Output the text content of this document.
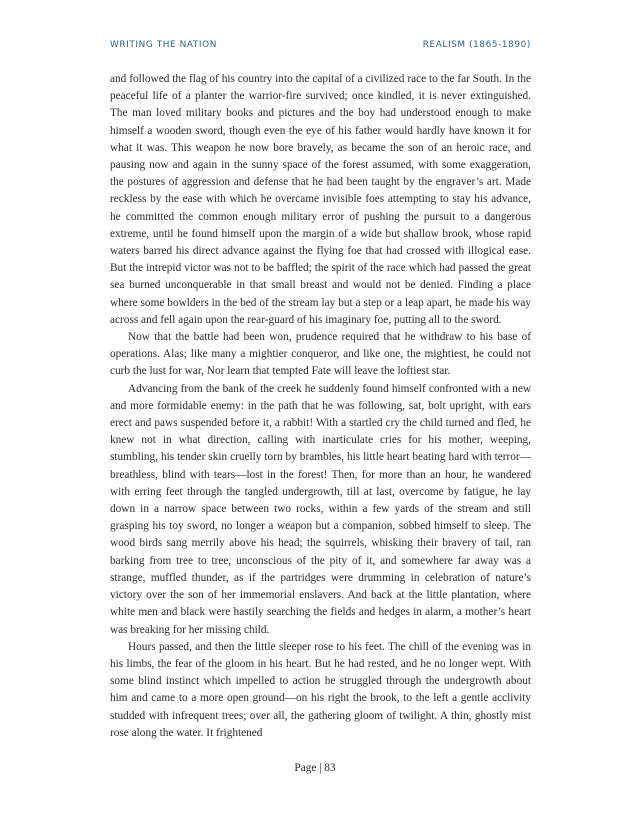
WRITING THE NATION	REALISM (1865-1890)

and followed the flag of his country into the capital of a civilized race to the far South. In the peaceful life of a planter the warrior-fire survived; once kindled, it is never extinguished. The man loved military books and pictures and the boy had understood enough to make himself a wooden sword, though even the eye of his father would hardly have known it for what it was. This weapon he now bore bravely, as became the son of an heroic race, and pausing now and again in the sunny space of the forest assumed, with some exaggeration, the postures of aggression and defense that he had been taught by the engraver’s art. Made reckless by the ease with which he overcame invisible foes attempting to stay his advance, he committed the common enough military error of pushing the pursuit to a dangerous extreme, until he found himself upon the margin of a wide but shallow brook, whose rapid waters barred his direct advance against the flying foe that had crossed with illogical ease. But the intrepid victor was not to be baffled; the spirit of the race which had passed the great sea burned unconquerable in that small breast and would not be denied. Finding a place where some bowlders in the bed of the stream lay but a step or a leap apart, he made his way across and fell again upon the rear-guard of his imaginary foe, putting all to the sword.

Now that the battle had been won, prudence required that he withdraw to his base of operations. Alas; like many a mightier conqueror, and like one, the mightiest, he could not curb the lust for war, Nor learn that tempted Fate will leave the loftiest star.

Advancing from the bank of the creek he suddenly found himself confronted with a new and more formidable enemy: in the path that he was following, sat, bolt upright, with ears erect and paws suspended before it, a rabbit! With a startled cry the child turned and fled, he knew not in what direction, calling with inarticulate cries for his mother, weeping, stumbling, his tender skin cruelly torn by brambles, his little heart beating hard with terror—breathless, blind with tears—lost in the forest! Then, for more than an hour, he wandered with erring feet through the tangled undergrowth, till at last, overcome by fatigue, he lay down in a narrow space between two rocks, within a few yards of the stream and still grasping his toy sword, no longer a weapon but a companion, sobbed himself to sleep. The wood birds sang merrily above his head; the squirrels, whisking their bravery of tail, ran barking from tree to tree, unconscious of the pity of it, and somewhere far away was a strange, muffled thunder, as if the partridges were drumming in celebration of nature’s victory over the son of her immemorial enslavers. And back at the little plantation, where white men and black were hastily searching the fields and hedges in alarm, a mother’s heart was breaking for her missing child.

Hours passed, and then the little sleeper rose to his feet. The chill of the evening was in his limbs, the fear of the gloom in his heart. But he had rested, and he no longer wept. With some blind instinct which impelled to action he struggled through the undergrowth about him and came to a more open ground—on his right the brook, to the left a gentle acclivity studded with infrequent trees; over all, the gathering gloom of twilight. A thin, ghostly mist rose along the water. It frightened

Page | 83
